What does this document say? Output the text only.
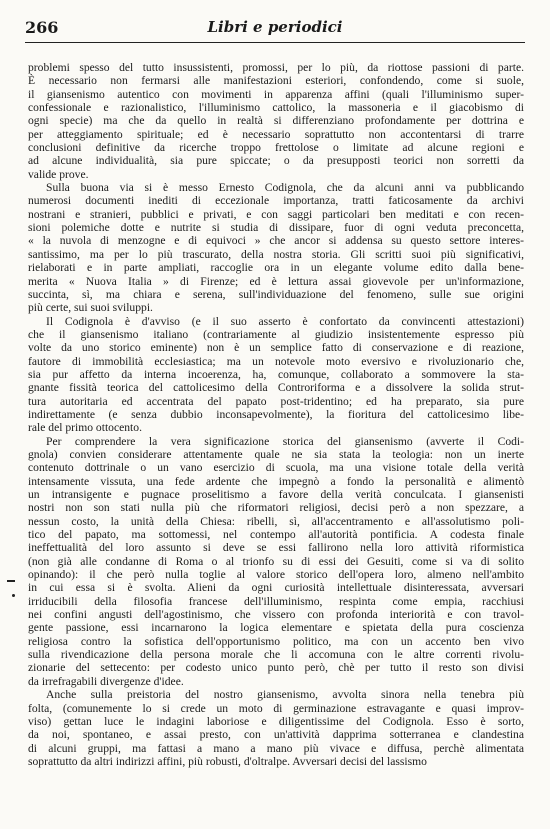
266	Libri e periodici
problemi spesso del tutto insussistenti, promossi, per lo più, da riottose passioni di parte.
È necessario non fermarsi alle manifestazioni esteriori, confondendo, come si suole,
il giansenismo autentico con movimenti in apparenza affini (quali l'illuminismo super-
confessionale e razionalistico, l'illuminismo cattolico, la massoneria e il giacobismo di
ogni specie) ma che da quello in realtà si differenziano profondamente per dottrina e
per atteggiamento spirituale; ed è necessario soprattutto non accontentarsi di trarre
conclusioni definitive da ricerche troppo frettolose o limitate ad alcune regioni e
ad alcune individualità, sia pure spiccate; o da presupposti teorici non sorretti da
valide prove.
Sulla buona via si è messo Ernesto Codignola, che da alcuni anni va pubblicando
numerosi documenti inediti di eccezionale importanza, tratti faticosamente da archivi
nostrani e stranieri, pubblici e privati, e con saggi particolari ben meditati e con recen-
sioni polemiche dotte e nutrite si studia di dissipare, fuor di ogni veduta preconcetta,
« la nuvola di menzogne e di equivoci » che ancor si addensa su questo settore interes-
santissimo, ma per lo più trascurato, della nostra storia. Gli scritti suoi più significativi,
rielaborati e in parte ampliati, raccoglie ora in un elegante volume edito dalla bene-
merita « Nuova Italia » di Firenze; ed è lettura assai giovevole per un'informazione,
succinta, sì, ma chiara e serena, sull'individuazione del fenomeno, sulle sue origini
più certe, sui suoi sviluppi.
Il Codignola è d'avviso (e il suo asserto è confortato da convincenti attestazioni)
che il giansenismo italiano (contrariamente al giudizio insistentemente espresso più
volte da uno storico eminente) non è un semplice fatto di conservazione e di reazione,
fautore di immobilità ecclesiastica; ma un notevole moto eversivo e rivoluzionario che,
sia pur affetto da interna incoerenza, ha, comunque, collaborato a sommovere la sta-
gnante fissità teorica del cattolicesimo della Controriforma e a dissolvere la solida strut-
tura autoritaria ed accentrata del papato post-tridentino; ed ha preparato, sia pure
indirettamente (e senza dubbio inconsapevolmente), la fioritura del cattolicesimo libe-
rale del primo ottocento.
Per comprendere la vera significazione storica del giansenismo (avverte il Codi-
gnola) convien considerare attentamente quale ne sia stata la teologia: non un inerte
contenuto dottrinale o un vano esercizio di scuola, ma una visione totale della verità
intensamente vissuta, una fede ardente che impegnò a fondo la personalità e alimentò
un intransigente e pugnace proselitismo a favore della verità conculcata. I giansenisti
nostri non son stati nulla più che riformatori religiosi, decisi però a non spezzare, a
nessun costo, la unità della Chiesa: ribelli, sì, all'accentramento e all'assolutismo poli-
tico del papato, ma sottomessi, nel contempo all'autorità pontificia. A codesta finale
ineffettualità del loro assunto si deve se essi fallirono nella loro attività riformistica
(non già alle condanne di Roma o al trionfo su di essi dei Gesuiti, come si va di solito
opinando): il che però nulla toglie al valore storico dell'opera loro, almeno nell'ambito
in cui essa si è svolta. Alieni da ogni curiosità intellettuale disinteressata, avversari
irriducibili della filosofia francese dell'illuminismo, respinta come empia, racchiusi
nei confini angusti dell'agostinismo, che vissero con profonda interiorità e con travol-
gente passione, essi incarnarono la logica elementare e spietata della pura coscienza
religiosa contro la sofistica dell'opportunismo politico, ma con un accento ben vivo
sulla rivendicazione della persona morale che li accomuna con le altre correnti rivolu-
zionarie del settecento: per codesto unico punto però, chè per tutto il resto son divisi
da irrefragabili divergenze d'idee.
Anche sulla preistoria del nostro giansenismo, avvolta sinora nella tenebra più
folta, (comunemente lo si crede un moto di germinazione estravagante e quasi improv-
viso) gettan luce le indagini laboriose e diligentissime del Codignola. Esso è sorto,
da noi, spontaneo, e assai presto, con un'attività dapprima sotterranea e clandestina
di alcuni gruppi, ma fattasi a mano a mano più vivace e diffusa, perchè alimentata
soprattutto da altri indirizzi affini, più robusti, d'oltralpe. Avversari decisi del lassismo
